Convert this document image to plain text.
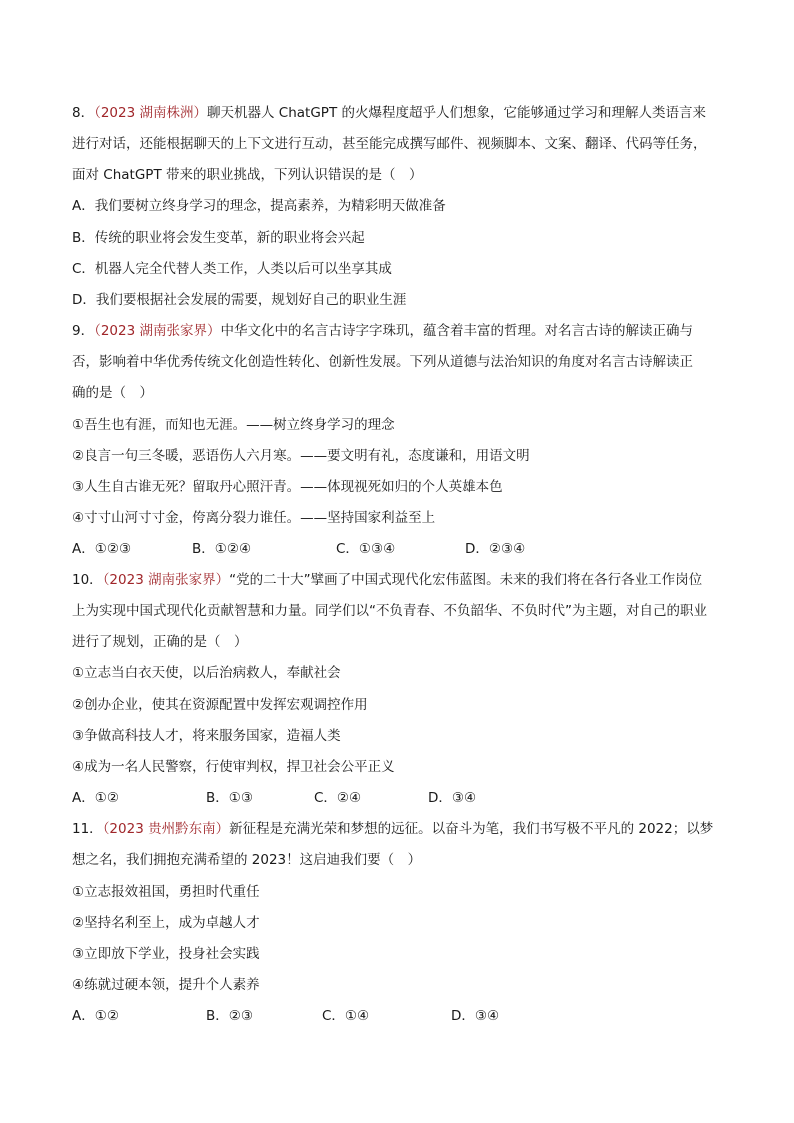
8．（2023 湖南株洲）聊天机器人 ChatGPT 的火爆程度超乎人们想象，它能够通过学习和理解人类语言来
进行对话，还能根据聊天的上下文进行互动，甚至能完成撰写邮件、视频脚本、文案、翻译、代码等任务，
面对 ChatGPT 带来的职业挑战，下列认识错误的是（　）
A．我们要树立终身学习的理念，提高素养，为精彩明天做准备
B．传统的职业将会发生变革，新的职业将会兴起
C．机器人完全代替人类工作，人类以后可以坐享其成
D．我们要根据社会发展的需要，规划好自己的职业生涯
9．（2023 湖南张家界）中华文化中的名言古诗字字珠玑，蕴含着丰富的哲理。对名言古诗的解读正确与
否，影响着中华优秀传统文化创造性转化、创新性发展。下列从道德与法治知识的角度对名言古诗解读正
确的是（　）
①吾生也有涯，而知也无涯。——树立终身学习的理念
②良言一句三冬暖，恶语伤人六月寒。——要文明有礼，态度谦和，用语文明
③人生自古谁无死？留取丹心照汗青。——体现视死如归的个人英雄本色
④寸寸山河寸寸金，侉离分裂力谁任。——坚持国家利益至上
A．①②③	B．①②④	C．①③④	D．②③④
10．（2023 湖南张家界）“党的二十大”擘画了中国式现代化宏伟蓝图。未来的我们将在各行各业工作岗位
上为实现中国式现代化贡献智慧和力量。同学们以“不负青春、不负韶华、不负时代”为主题，对自己的职业
进行了规划，正确的是（　）
①立志当白衣天使，以后治病救人，奉献社会
②创办企业，使其在资源配置中发挥宏观调控作用
③争做高科技人才，将来服务国家，造福人类
④成为一名人民警察，行使审判权，捍卫社会公平正义
A．①②	B．①③	C．②④	D．③④
11．（2023 贵州黔东南）新征程是充满光荣和梦想的远征。以奋斗为笔，我们书写极不平凡的 2022；以梦
想之名，我们拥抱充满希望的 2023！这启迪我们要（　）
①立志报效祖国，勇担时代重任
②坚持名利至上，成为卓越人才
③立即放下学业，投身社会实践
④练就过硬本领，提升个人素养
A．①②	B．②③	C．①④	D．③④
